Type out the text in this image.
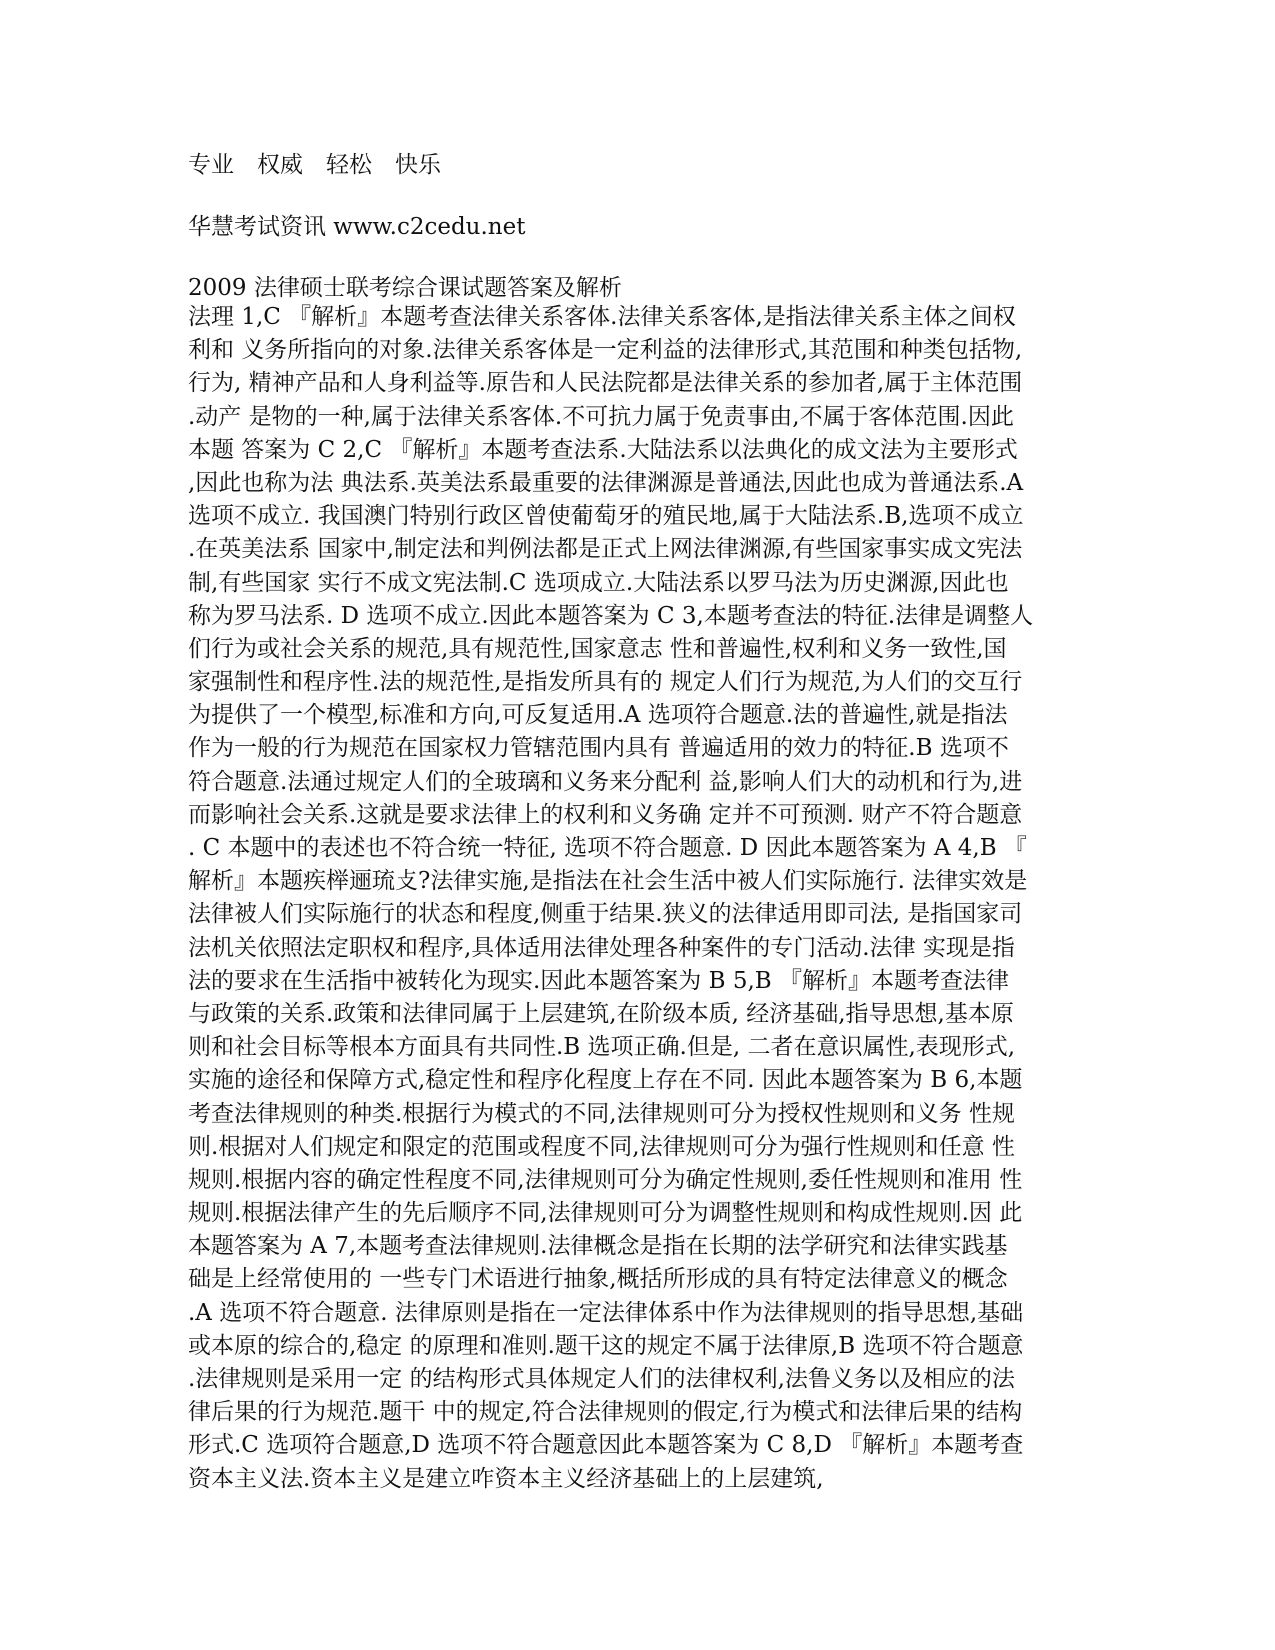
专业　权威　轻松　快乐
华慧考试资讯 www.c2cedu.net
2009 法律硕士联考综合课试题答案及解析
法理 1,C 『解析』本题考查法律关系客体.法律关系客体,是指法律关系主体之间权
利和 义务所指向的对象.法律关系客体是一定利益的法律形式,其范围和种类包括物,
行为, 精神产品和人身利益等.原告和人民法院都是法律关系的参加者,属于主体范围
.动产 是物的一种,属于法律关系客体.不可抗力属于免责事由,不属于客体范围.因此
本题 答案为 C 2,C 『解析』本题考查法系.大陆法系以法典化的成文法为主要形式
,因此也称为法 典法系.英美法系最重要的法律渊源是普通法,因此也成为普通法系.A
选项不成立. 我国澳门特别行政区曾使葡萄牙的殖民地,属于大陆法系.B,选项不成立
.在英美法系 国家中,制定法和判例法都是正式上网法律渊源,有些国家事实成文宪法
制,有些国家 实行不成文宪法制.C 选项成立.大陆法系以罗马法为历史渊源,因此也
称为罗马法系. D 选项不成立.因此本题答案为 C 3,本题考查法的特征.法律是调整人
们行为或社会关系的规范,具有规范性,国家意志 性和普遍性,权利和义务一致性,国
家强制性和程序性.法的规范性,是指发所具有的 规定人们行为规范,为人们的交互行
为提供了一个模型,标准和方向,可反复适用.A 选项符合题意.法的普遍性,就是指法
作为一般的行为规范在国家权力管辖范围内具有 普遍适用的效力的特征.B 选项不
符合题意.法通过规定人们的全玻璃和义务来分配利 益,影响人们大的动机和行为,进
而影响社会关系.这就是要求法律上的权利和义务确 定并不可预测. 财产不符合题意
. C 本题中的表述也不符合统一特征, 选项不符合题意. D 因此本题答案为 A 4,B 『
解析』本题疾榉逦琉攴?法律实施,是指法在社会生活中被人们实际施行. 法律实效是
法律被人们实际施行的状态和程度,侧重于结果.狭义的法律适用即司法, 是指国家司
法机关依照法定职权和程序,具体适用法律处理各种案件的专门活动.法律 实现是指
法的要求在生活指中被转化为现实.因此本题答案为 B 5,B 『解析』本题考查法律
与政策的关系.政策和法律同属于上层建筑,在阶级本质, 经济基础,指导思想,基本原
则和社会目标等根本方面具有共同性.B 选项正确.但是, 二者在意识属性,表现形式,
实施的途径和保障方式,稳定性和程序化程度上存在不同. 因此本题答案为 B 6,本题
考查法律规则的种类.根据行为模式的不同,法律规则可分为授权性规则和义务 性规
则.根据对人们规定和限定的范围或程度不同,法律规则可分为强行性规则和任意 性
规则.根据内容的确定性程度不同,法律规则可分为确定性规则,委任性规则和准用 性
规则.根据法律产生的先后顺序不同,法律规则可分为调整性规则和构成性规则.因 此
本题答案为 A 7,本题考查法律规则.法律概念是指在长期的法学研究和法律实践基
础是上经常使用的 一些专门术语进行抽象,概括所形成的具有特定法律意义的概念
.A 选项不符合题意. 法律原则是指在一定法律体系中作为法律规则的指导思想,基础
或本原的综合的,稳定 的原理和准则.题干这的规定不属于法律原,B 选项不符合题意
.法律规则是采用一定 的结构形式具体规定人们的法律权利,法鲁义务以及相应的法
律后果的行为规范.题干 中的规定,符合法律规则的假定,行为模式和法律后果的结构
形式.C 选项符合题意,D 选项不符合题意因此本题答案为 C 8,D 『解析』本题考查
资本主义法.资本主义是建立咋资本主义经济基础上的上层建筑,
